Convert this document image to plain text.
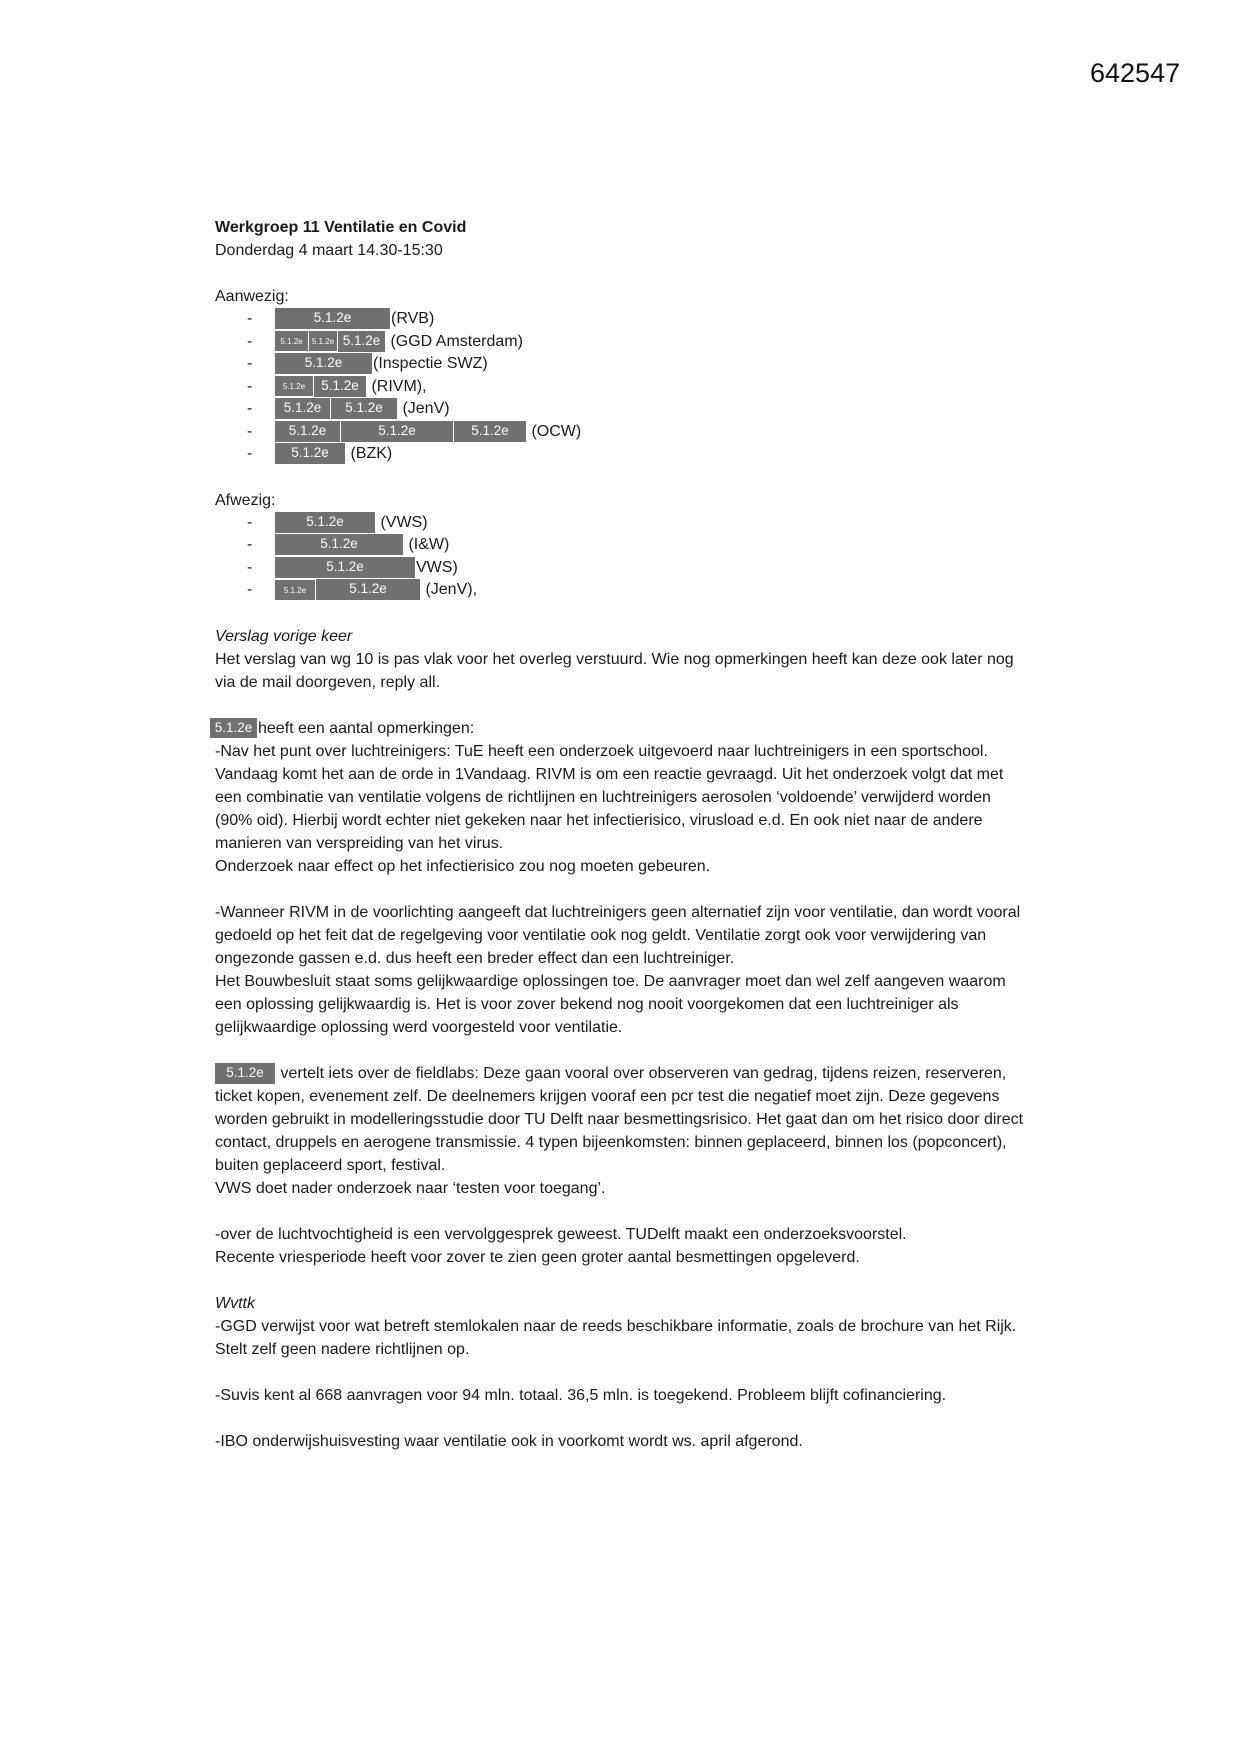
642547
Werkgroep 11 Ventilatie en Covid
Donderdag 4 maart 14.30-15:30
Aanwezig:
- 5.1.2e (RVB)
- 5.1.2e 5.1.2e 5.1.2e (GGD Amsterdam)
- 5.1.2e (Inspectie SWZ)
- 5.1.2e 5.1.2e (RIVM),
- 5.1.2e 5.1.2e (JenV)
- 5.1.2e	5.1.2e	5.1.2e (OCW)
- 5.1.2e (BZK)
Afwezig:
- 5.1.2e (VWS)
- 5.1.2e	(I&W)
- 5.1.2e	VWS)
- 5.1.2e	5.1.2e (JenV),

Verslag vorige keer

Het verslag van wg 10 is pas vlak voor het overleg verstuurd. Wie nog opmerkingen heeft kan deze ook later nog via de mail doorgeven, reply all.

5.1.2e heeft een aantal opmerkingen:

-Nav het punt over luchtreinigers: TuE heeft een onderzoek uitgevoerd naar luchtreinigers in een sportschool. Vandaag komt het aan de orde in 1Vandaag. RIVM is om een reactie gevraagd. Uit het onderzoek volgt dat met een combinatie van ventilatie volgens de richtlijnen en luchtreinigers aerosolen ‘voldoende’ verwijderd worden (90% oid). Hierbij wordt echter niet gekeken naar het infectierisico, virusload e.d. En ook niet naar de andere manieren van verspreiding van het virus.

Onderzoek naar effect op het infectierisico zou nog moeten gebeuren.

-Wanneer RIVM in de voorlichting aangeeft dat luchtreinigers geen alternatief zijn voor ventilatie, dan wordt vooral gedoeld op het feit dat de regelgeving voor ventilatie ook nog geldt. Ventilatie zorgt ook voor verwijdering van ongezonde gassen e.d. dus heeft een breder effect dan een luchtreiniger.

Het Bouwbesluit staat soms gelijkwaardige oplossingen toe. De aanvrager moet dan wel zelf aangeven waarom een oplossing gelijkwaardig is. Het is voor zover bekend nog nooit voorgekomen dat een luchtreiniger als gelijkwaardige oplossing werd voorgesteld voor ventilatie.

5.1.2e vertelt iets over de fieldlabs: Deze gaan vooral over observeren van gedrag, tijdens reizen, reserveren, ticket kopen, evenement zelf. De deelnemers krijgen vooraf een pcr test die negatief moet zijn. Deze gegevens worden gebruikt in modelleringsstudie door TU Delft naar besmettingsrisico. Het gaat dan om het risico door direct contact, druppels en aerogene transmissie. 4 typen bijeenkomsten: binnen geplaceerd, binnen los (popconcert), buiten geplaceerd sport, festival.

VWS doet nader onderzoek naar ‘testen voor toegang’.

-over de luchtvochtigheid is een vervolggesprek geweest. TUDelft maakt een onderzoeksvoorstel.

Recente vriesperiode heeft voor zover te zien geen groter aantal besmettingen opgeleverd.

Wvttk

-GGD verwijst voor wat betreft stemlokalen naar de reeds beschikbare informatie, zoals de brochure van het Rijk. Stelt zelf geen nadere richtlijnen op.

-Suvis kent al 668 aanvragen voor 94 mln. totaal. 36,5 mln. is toegekend. Probleem blijft cofinanciering.

-IBO onderwijshuisvesting waar ventilatie ook in voorkomt wordt ws. april afgerond.
